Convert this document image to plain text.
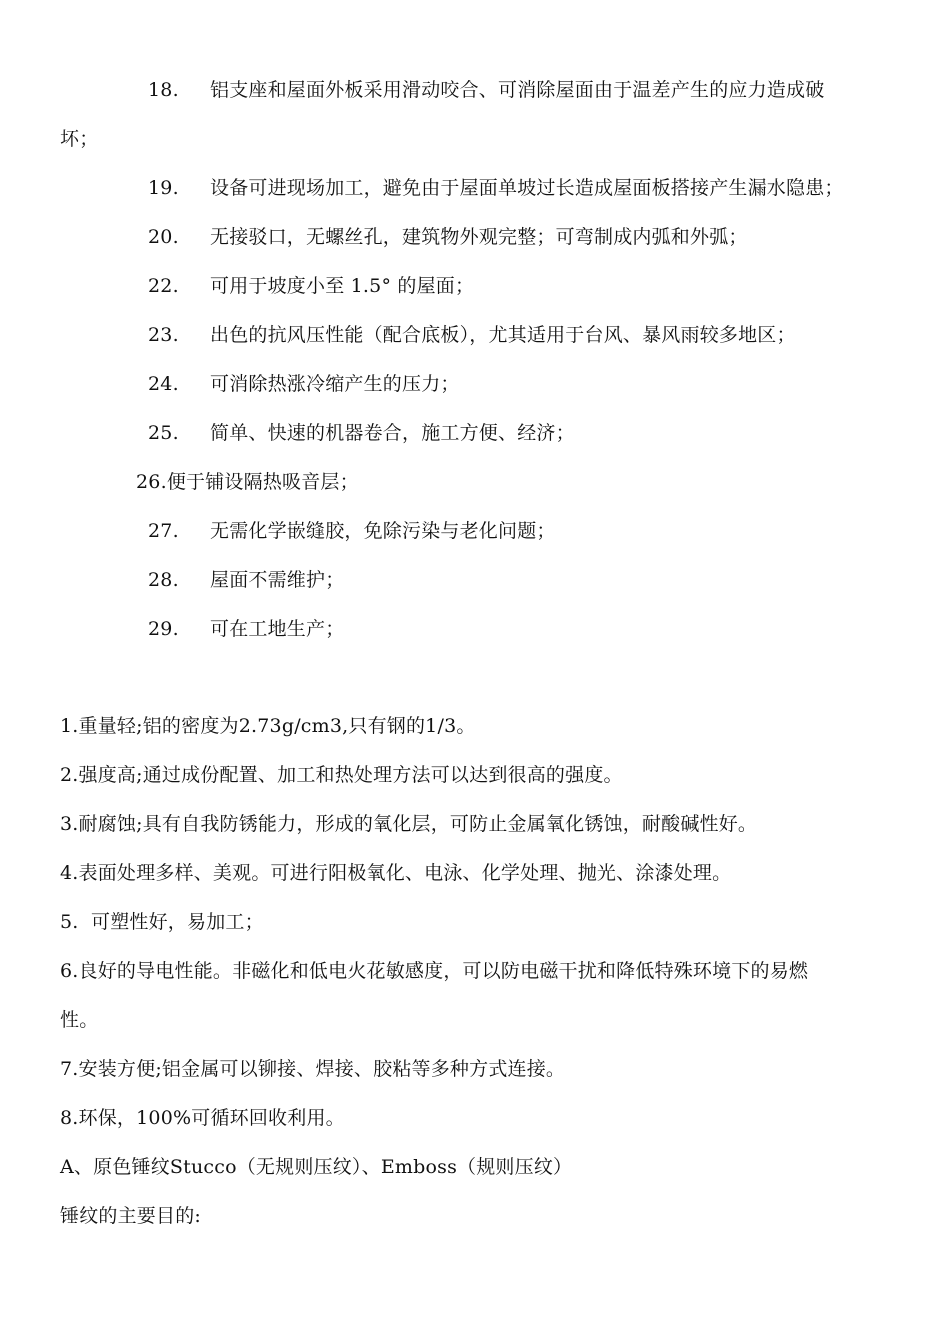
18. 铝支座和屋面外板采用滑动咬合、可消除屋面由于温差产生的应力造成破
坏；
19. 设备可进现场加工，避免由于屋面单坡过长造成屋面板搭接产生漏水隐患；
20. 无接驳口，无螺丝孔，建筑物外观完整；可弯制成内弧和外弧；
22. 可用于坡度小至 1.5° 的屋面；
23. 出色的抗风压性能（配合底板），尤其适用于台风、暴风雨较多地区；
24. 可消除热涨冷缩产生的压力；
25. 简单、快速的机器卷合，施工方便、经济；
26.便于铺设隔热吸音层；
27. 无需化学嵌缝胶，免除污染与老化问题；
28. 屋面不需维护；
29. 可在工地生产；
1.重量轻;铝的密度为2.73g/cm3,只有钢的1/3。
2.强度高;通过成份配置、加工和热处理方法可以达到很高的强度。
3.耐腐蚀;具有自我防锈能力，形成的氧化层，可防止金属氧化锈蚀，耐酸碱性好。
4.表面处理多样、美观。可进行阳极氧化、电泳、化学处理、抛光、涂漆处理。
5.  可塑性好，易加工；
6.良好的导电性能。非磁化和低电火花敏感度，可以防电磁干扰和降低特殊环境下的易燃
性。
7.安装方便;铝金属可以铆接、焊接、胶粘等多种方式连接。
8.环保，100%可循环回收利用。
A、原色锤纹Stucco（无规则压纹）、Emboss（规则压纹）
锤纹的主要目的:
